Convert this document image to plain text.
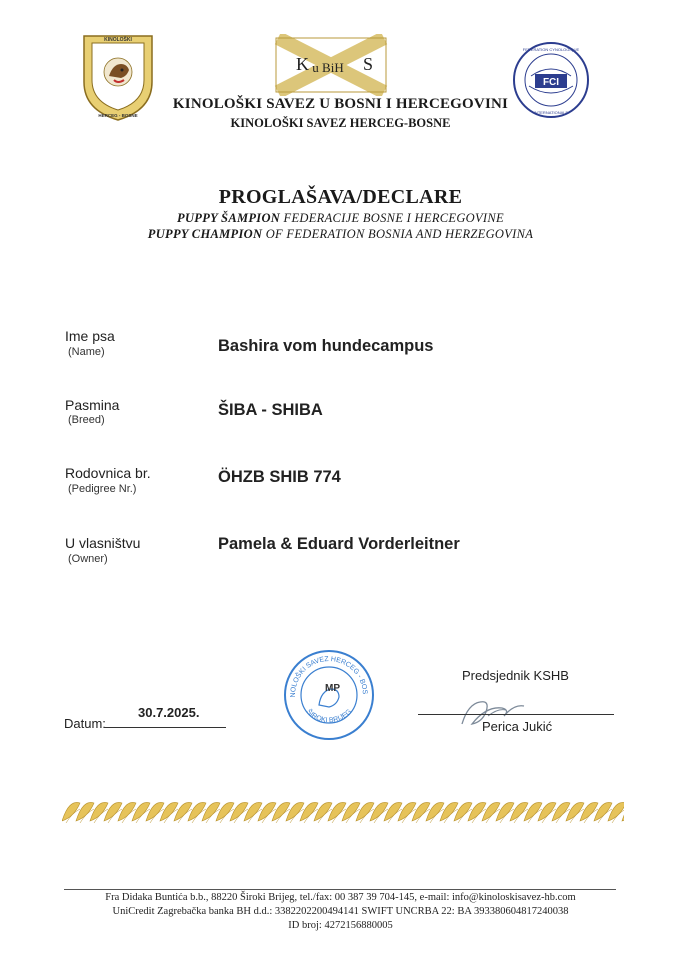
KINOLOŠKI
HERCEG - BOSNE
K u BiH S
FCI
FEDERATION CYNOLOGIQUE
INTERNATIONALE
KINOLOŠKI SAVEZ U BOSNI I HERCEGOVINI
KINOLOŠKI SAVEZ HERCEG-BOSNE
PROGLAŠAVA/DECLARE
PUPPY ŠAMPION FEDERACIJE BOSNE I HERCEGOVINE
PUPPY CHAMPION OF FEDERATION BOSNIA AND HERZEGOVINA
Ime psa
(Name)	Bashira vom hundecampus
Pasmina
(Breed)
ŠIBA - SHIBA
Rodovnica br.
(Pedigree Nr.)
ÖHZB SHIB 774
U vlasništvu
(Owner)
Pamela & Eduard Vorderleitner
NOLOŠKI SAVEZ HERCEG - BOS
ŠIROKI BRIJEG
MP
Predsjednik KSHB
Perica Jukić
30.7.2025.
Datum:
Fra Didaka Buntića b.b., 88220 Široki Brijeg, tel./fax: 00 387 39 704-145, e-mail: info@kinoloskisavez-hb.com
UniCredit Zagrebačka banka BH d.d.: 3382202200494141 SWIFT UNCRBA 22: BA 393380604817240038
ID broj: 4272156880005
